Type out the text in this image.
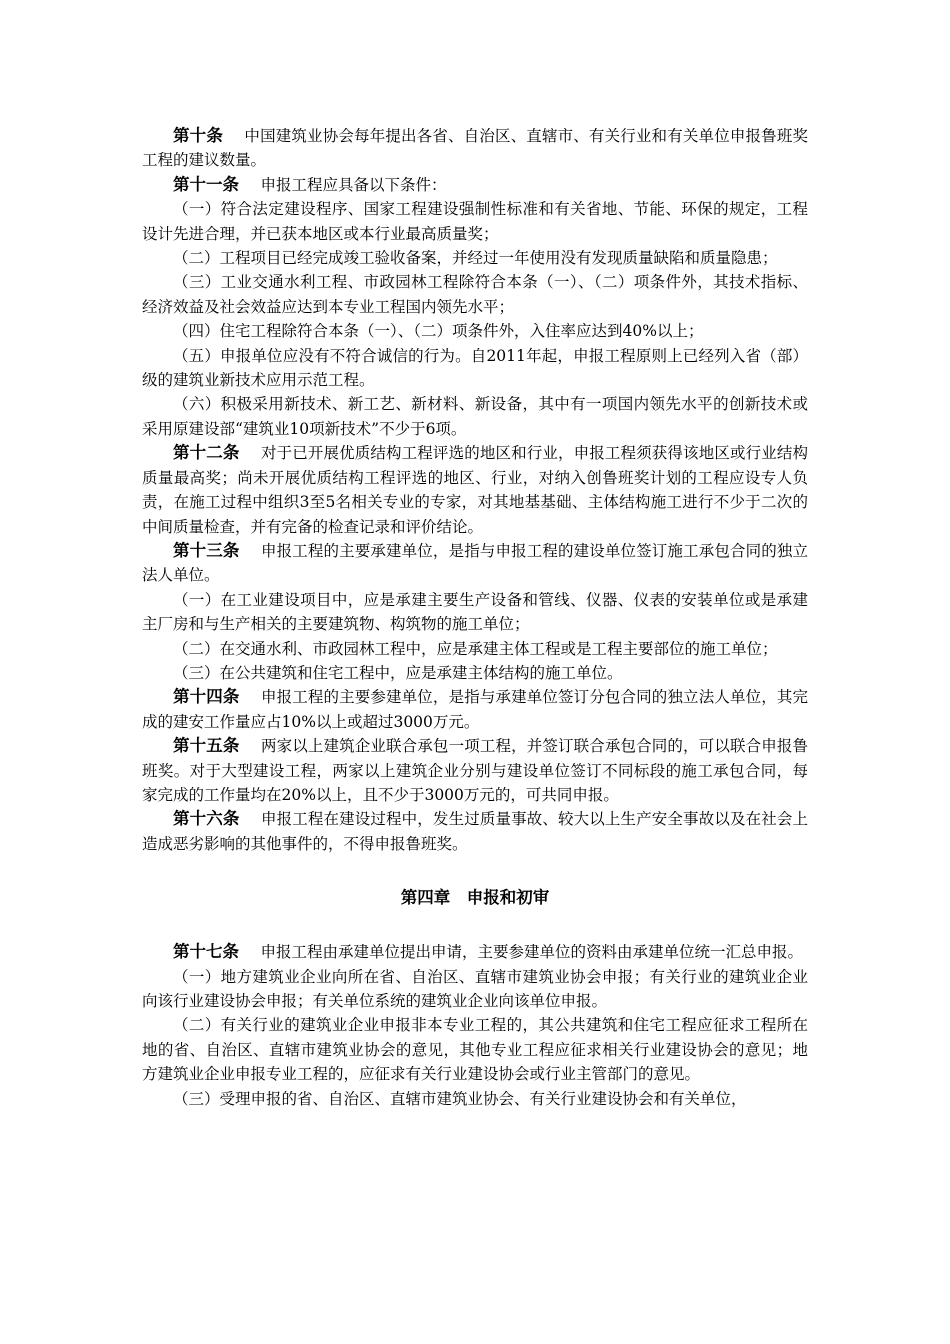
第十条 中国建筑业协会每年提出各省、自治区、直辖市、有关行业和有关单位申报鲁班奖工程的建议数量。

第十一条 申报工程应具备以下条件：

（一）符合法定建设程序、国家工程建设强制性标准和有关省地、节能、环保的规定，工程设计先进合理，并已获本地区或本行业最高质量奖；

（二）工程项目已经完成竣工验收备案，并经过一年使用没有发现质量缺陷和质量隐患；

（三）工业交通水利工程、市政园林工程除符合本条（一）、（二）项条件外，其技术指标、经济效益及社会效益应达到本专业工程国内领先水平；

（四）住宅工程除符合本条（一）、（二）项条件外，入住率应达到40%以上；

（五）申报单位应没有不符合诚信的行为。自2011年起，申报工程原则上已经列入省（部）级的建筑业新技术应用示范工程。

（六）积极采用新技术、新工艺、新材料、新设备，其中有一项国内领先水平的创新技术或采用原建设部“建筑业10项新技术”不少于6项。

第十二条 对于已开展优质结构工程评选的地区和行业，申报工程须获得该地区或行业结构质量最高奖；尚未开展优质结构工程评选的地区、行业，对纳入创鲁班奖计划的工程应设专人负责，在施工过程中组织3至5名相关专业的专家，对其地基基础、主体结构施工进行不少于二次的中间质量检查，并有完备的检查记录和评价结论。

第十三条 申报工程的主要承建单位，是指与申报工程的建设单位签订施工承包合同的独立法人单位。

（一）在工业建设项目中，应是承建主要生产设备和管线、仪器、仪表的安装单位或是承建主厂房和与生产相关的主要建筑物、构筑物的施工单位；

（二）在交通水利、市政园林工程中，应是承建主体工程或是工程主要部位的施工单位；

（三）在公共建筑和住宅工程中，应是承建主体结构的施工单位。

第十四条 申报工程的主要参建单位，是指与承建单位签订分包合同的独立法人单位，其完成的建安工作量应占10%以上或超过3000万元。

第十五条 两家以上建筑企业联合承包一项工程，并签订联合承包合同的，可以联合申报鲁班奖。对于大型建设工程，两家以上建筑企业分别与建设单位签订不同标段的施工承包合同，每家完成的工作量均在20%以上，且不少于3000万元的，可共同申报。

第十六条 申报工程在建设过程中，发生过质量事故、较大以上生产安全事故以及在社会上造成恶劣影响的其他事件的，不得申报鲁班奖。

第四章　申报和初审

第十七条 申报工程由承建单位提出申请，主要参建单位的资料由承建单位统一汇总申报。

（一）地方建筑业企业向所在省、自治区、直辖市建筑业协会申报；有关行业的建筑业企业向该行业建设协会申报；有关单位系统的建筑业企业向该单位申报。

（二）有关行业的建筑业企业申报非本专业工程的，其公共建筑和住宅工程应征求工程所在地的省、自治区、直辖市建筑业协会的意见，其他专业工程应征求相关行业建设协会的意见；地方建筑业企业申报专业工程的，应征求有关行业建设协会或行业主管部门的意见。

（三）受理申报的省、自治区、直辖市建筑业协会、有关行业建设协会和有关单位，
